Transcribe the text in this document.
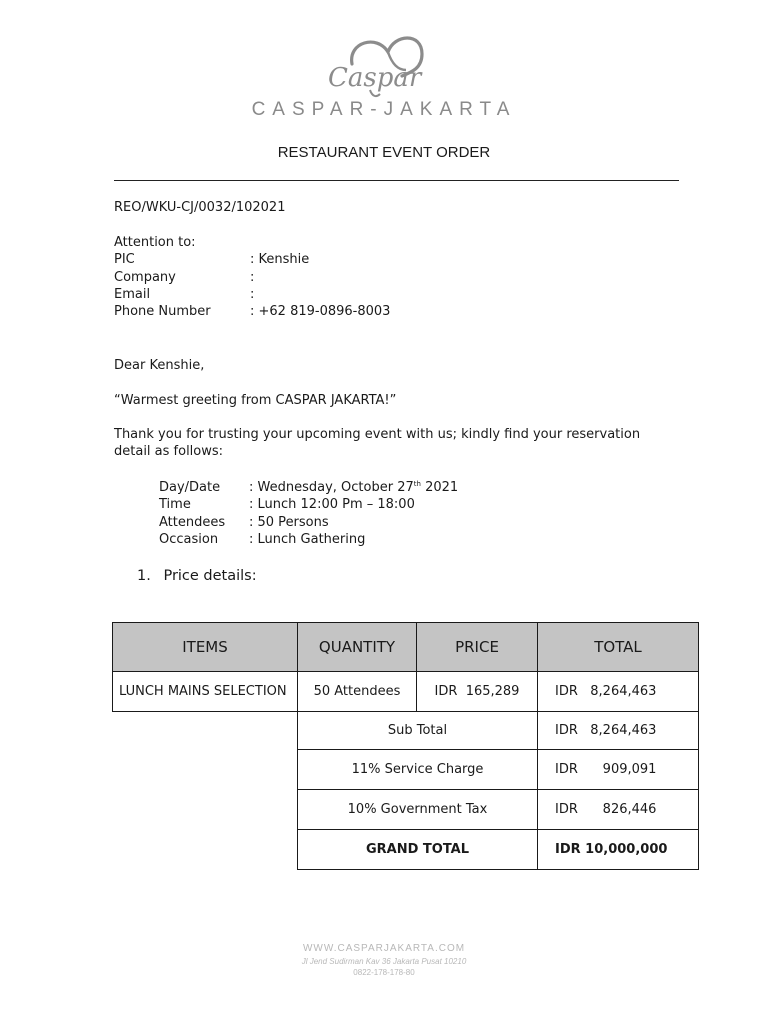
Caspar
CASPAR-JAKARTA
RESTAURANT EVENT ORDER
REO/WKU-CJ/0032/102021
Attention to:
PIC	: Kenshie
Company	:
Email	:
Phone Number	: +62 819-0896-8003
Dear Kenshie,
“Warmest greeting from CASPAR JAKARTA!”
Thank you for trusting your upcoming event with us; kindly find your reservation detail as follows:
Day/Date : Wednesday, October 27th 2021
Time	: Lunch 12:00 Pm – 18:00
Attendees : 50 Persons
Occasion : Lunch Gathering
1. Price details:
ITEMS	QUANTITY	PRICE	TOTAL
LUNCH MAINS SELECTION	50 Attendees	IDR  165,289	IDR   8,264,463
	Sub Total		IDR   8,264,463
	11% Service Charge		IDR      909,091
	10% Government Tax		IDR      826,446
	GRAND TOTAL		IDR 10,000,000
WWW.CASPARJAKARTA.COM
Jl Jend Sudirman Kav 36 Jakarta Pusat 10210
0822-178-178-80
